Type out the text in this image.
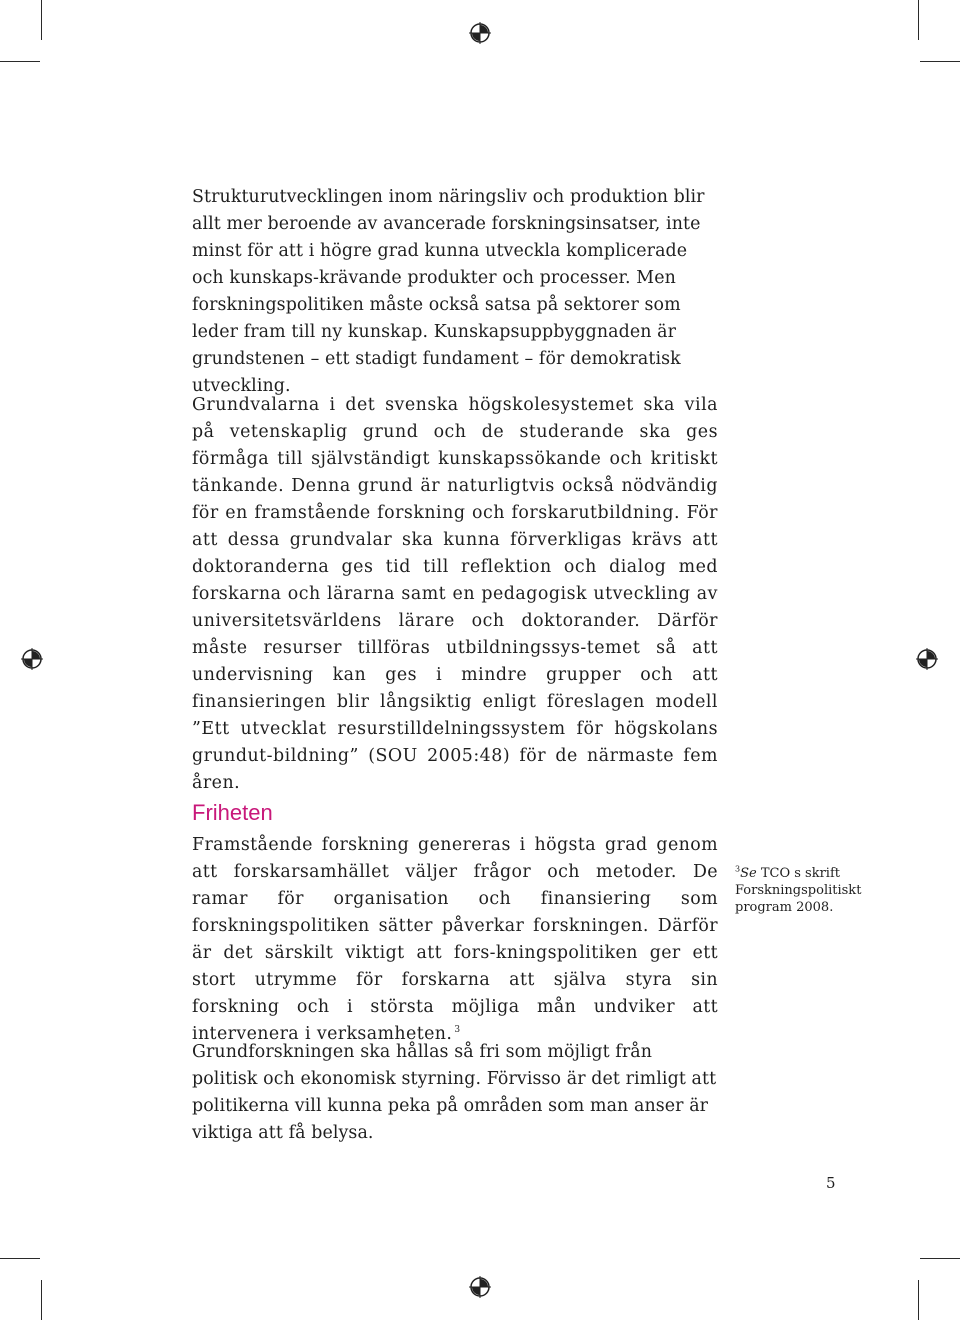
Strukturutvecklingen inom näringsliv och produktion blir allt mer beroende av avancerade forskningsinsatser, inte minst för att i högre grad kunna utveckla komplicerade och kunskaps-krävande produkter och processer. Men forskningspolitiken måste också satsa på sektorer som leder fram till ny kunskap. Kunskapsuppbyggnaden är grundstenen – ett stadigt fundament – för demokratisk utveckling.

Grundvalarna i det svenska högskolesystemet ska vila på vetenskaplig grund och de studerande ska ges förmåga till självständigt kunskapssökande och kritiskt tänkande. Denna grund är naturligtvis också nödvändig för en framstående forskning och forskarutbildning. För att dessa grundvalar ska kunna förverkligas krävs att doktoranderna ges tid till reflektion och dialog med forskarna och lärarna samt en pedagogisk utveckling av universitetsvärldens lärare och doktorander. Därför måste resurser tillföras utbildningssys-temet så att undervisning kan ges i mindre grupper och att finansieringen blir långsiktig enligt föreslagen modell ”Ett utvecklat resurstilldelningssystem för högskolans grundut-bildning” (SOU 2005:48) för de närmaste fem åren.

Friheten

Framstående forskning genereras i högsta grad genom att forskarsamhället väljer frågor och metoder. De ramar för organisation och finansiering som forskningspolitiken sätter påverkar forskningen. Därför är det särskilt viktigt att fors-kningspolitiken ger ett stort utrymme för forskarna att själva styra sin forskning och i största möjliga mån undviker att intervenera i verksamheten. $^3$

Grundforskningen ska hållas så fri som möjligt från politisk och ekonomisk styrning. Förvisso är det rimligt att politikerna vill kunna peka på områden som man anser är viktiga att få belysa.

$^3$Se TCO s skrift Forskningspolitiskt program 2008.
5
